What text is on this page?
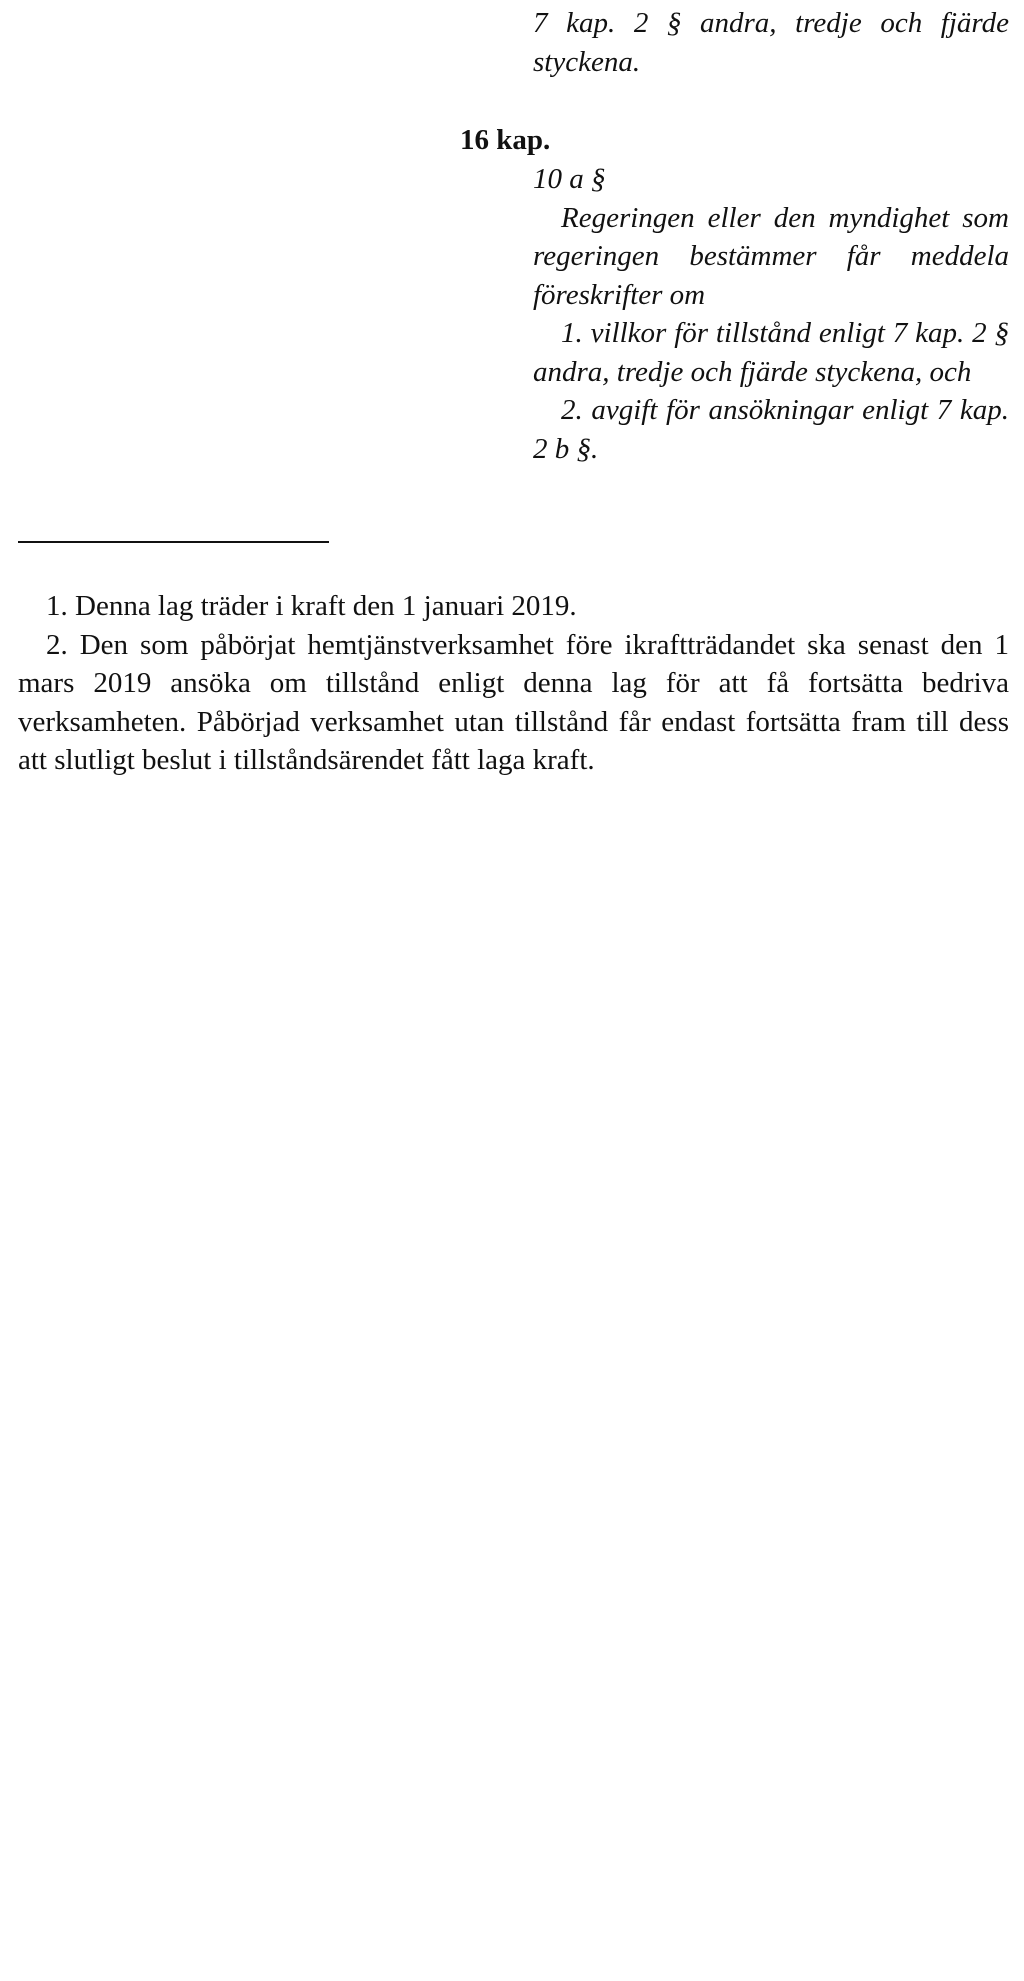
7 kap. 2 § andra, tredje och fjärde styckena.

16 kap.

10 a §

Regeringen eller den myndighet som regeringen bestämmer får meddela föreskrifter om

1. villkor för tillstånd enligt 7 kap. 2 § andra, tredje och fjärde styckena, och

2. avgift för ansökningar enligt 7 kap. 2 b §.

1. Denna lag träder i kraft den 1 januari 2019.

2. Den som påbörjat hemtjänstverksamhet före ikraftträdandet ska senast den 1 mars 2019 ansöka om tillstånd enligt denna lag för att få fortsätta bedriva verksamheten. Påbörjad verksamhet utan tillstånd får endast fortsätta fram till dess att slutligt beslut i tillståndsärendet fått laga kraft.
